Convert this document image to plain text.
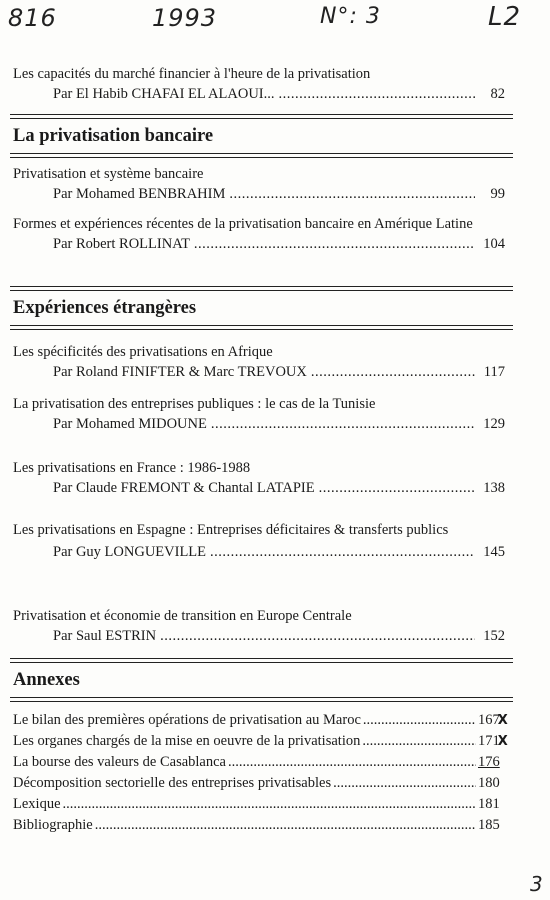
816	1993	N°: 3	L2
3
Les capacités du marché financier à l'heure de la privatisation
Par El Habib CHAFAI EL ALAOUI... .....	82
La privatisation bancaire
Privatisation et système bancaire
Par Mohamed BENBRAHIM .....	99
Formes et expériences récentes de la privatisation bancaire en Amérique Latine
Par Robert ROLLINAT .....	104
Expériences étrangères
Les spécificités des privatisations en Afrique
Par Roland FINIFTER & Marc TREVOUX .....	117
La privatisation des entreprises publiques : le cas de la Tunisie
Par Mohamed MIDOUNE .....	129
Les privatisations en France : 1986-1988
Par Claude FREMONT & Chantal LATAPIE .....	138
Les privatisations en Espagne : Entreprises déficitaires & transferts publics
Par Guy LONGUEVILLE .....	145
Privatisation et économie de transition en Europe Centrale
Par Saul ESTRIN .....	152
Annexes
Le bilan des premières opérations de privatisation au Maroc .....	167X
Les organes chargés de la mise en oeuvre de la privatisation .....	171X
La bourse des valeurs de Casablanca .....	176
Décomposition sectorielle des entreprises privatisables .....	180
Lexique .....	181
Bibliographie .....	185
